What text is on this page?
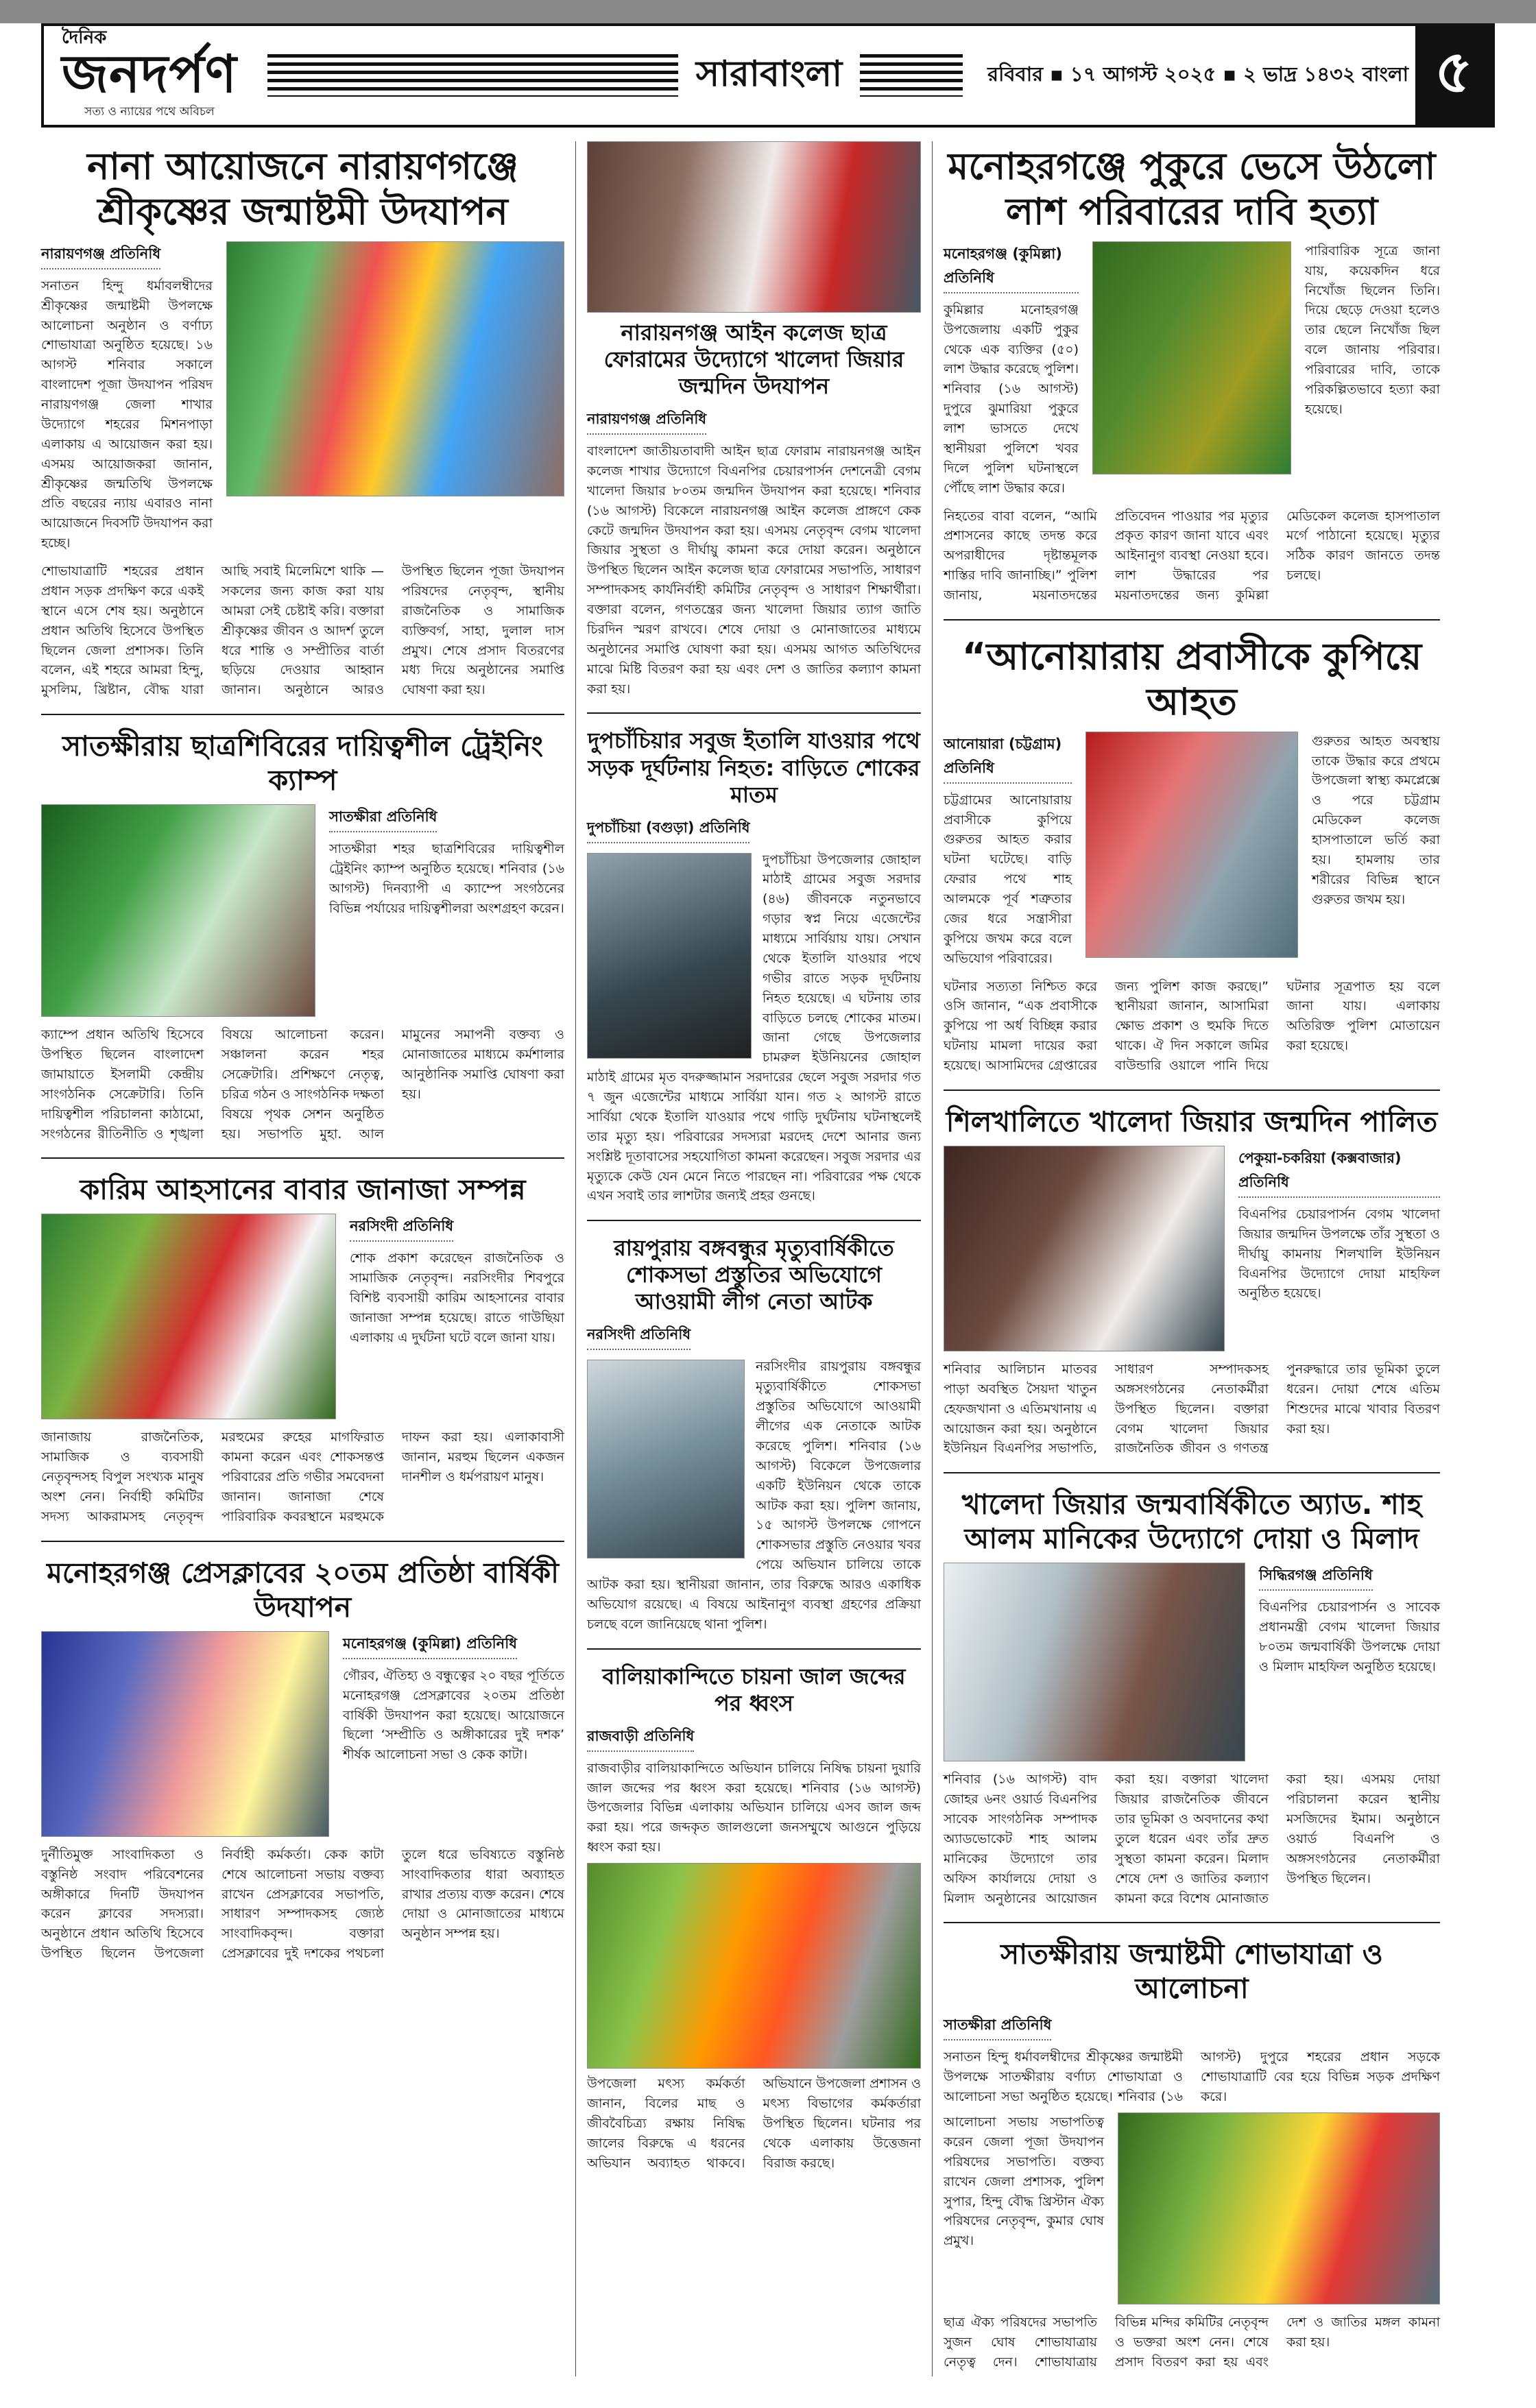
দৈনিক
জনদর্পণ
সত্য ও ন্যায়ের পথে অবিচল
সারাবাংলা	রবিবার ▪ ১৭ আগস্ট ২০২৫ ▪ ২ ভাদ্র ১৪৩২ বাংলা ৫
নানা আয়োজনে নারায়ণগঞ্জে শ্রীকৃষ্ণের জন্মাষ্টমী উদযাপন
নারায়ণগঞ্জ প্রতিনিধি
সনাতন হিন্দু ধর্মাবলম্বীদের শ্রীকৃষ্ণের জন্মাষ্টমী উপলক্ষে আলোচনা অনুষ্ঠান ও বর্ণাঢ্য শোভাযাত্রা অনুষ্ঠিত হয়েছে। ১৬ আগস্ট শনিবার সকালে বাংলাদেশ পূজা উদযাপন পরিষদ নারায়ণগঞ্জ জেলা শাখার উদ্যোগে শহরের মিশনপাড়া এলাকায় এ আয়োজন করা হয়। এসময় আয়োজকরা জানান, শ্রীকৃষ্ণের জন্মতিথি উপলক্ষে প্রতি বছরের ন্যায় এবারও নানা আয়োজনে দিবসটি উদযাপন করা হচ্ছে।
শোভাযাত্রাটি শহরের প্রধান প্রধান সড়ক প্রদক্ষিণ করে একই স্থানে এসে শেষ হয়। অনুষ্ঠানে প্রধান অতিথি হিসেবে উপস্থিত ছিলেন জেলা প্রশাসক। তিনি বলেন, এই শহরে আমরা হিন্দু, মুসলিম, খ্রিষ্টান, বৌদ্ধ যারা আছি সবাই মিলেমিশে থাকি — সকলের জন্য কাজ করা যায় আমরা সেই চেষ্টাই করি। বক্তারা শ্রীকৃষ্ণের জীবন ও আদর্শ তুলে ধরে শান্তি ও সম্প্রীতির বার্তা ছড়িয়ে দেওয়ার আহ্বান জানান। অনুষ্ঠানে আরও উপস্থিত ছিলেন পূজা উদযাপন পরিষদের নেতৃবৃন্দ, স্থানীয় রাজনৈতিক ও সামাজিক ব্যক্তিবর্গ, সাহা, দুলাল দাস প্রমুখ। শেষে প্রসাদ বিতরণের মধ্য দিয়ে অনুষ্ঠানের সমাপ্তি ঘোষণা করা হয়।
সাতক্ষীরায় ছাত্রশিবিরের দায়িত্বশীল ট্রেইনিং ক্যাম্প
সাতক্ষীরা প্রতিনিধি
সাতক্ষীরা শহর ছাত্রশিবিরের দায়িত্বশীল ট্রেইনিং ক্যাম্প অনুষ্ঠিত হয়েছে। শনিবার (১৬ আগস্ট) দিনব্যাপী এ ক্যাম্পে সংগঠনের বিভিন্ন পর্যায়ের দায়িত্বশীলরা অংশগ্রহণ করেন।
ক্যাম্পে প্রধান অতিথি হিসেবে উপস্থিত ছিলেন বাংলাদেশ জামায়াতে ইসলামী কেন্দ্রীয় সাংগঠনিক সেক্রেটারি। তিনি দায়িত্বশীল পরিচালনা কাঠামো, সংগঠনের রীতিনীতি ও শৃঙ্খলা বিষয়ে আলোচনা করেন। সঞ্চালনা করেন শহর সেক্রেটারি। প্রশিক্ষণে নেতৃত্ব, চরিত্র গঠন ও সাংগঠনিক দক্ষতা বিষয়ে পৃথক সেশন অনুষ্ঠিত হয়। সভাপতি মুহা. আল মামুনের সমাপনী বক্তব্য ও মোনাজাতের মাধ্যমে কর্মশালার আনুষ্ঠানিক সমাপ্তি ঘোষণা করা হয়।
কারিম আহসানের বাবার জানাজা সম্পন্ন
নরসিংদী প্রতিনিধি
শোক প্রকাশ করেছেন রাজনৈতিক ও সামাজিক নেতৃবৃন্দ। নরসিংদীর শিবপুরে বিশিষ্ট ব্যবসায়ী কারিম আহসানের বাবার জানাজা সম্পন্ন হয়েছে। রাতে গাউছিয়া এলাকায় এ দুর্ঘটনা ঘটে বলে জানা যায়।
জানাজায় রাজনৈতিক, সামাজিক ও ব্যবসায়ী নেতৃবৃন্দসহ বিপুল সংখ্যক মানুষ অংশ নেন। নির্বাহী কমিটির সদস্য আকরামসহ নেতৃবৃন্দ মরহুমের রুহের মাগফিরাত কামনা করেন এবং শোকসন্তপ্ত পরিবারের প্রতি গভীর সমবেদনা জানান। জানাজা শেষে পারিবারিক কবরস্থানে মরহুমকে দাফন করা হয়। এলাকাবাসী জানান, মরহুম ছিলেন একজন দানশীল ও ধর্মপরায়ণ মানুষ।
মনোহরগঞ্জ প্রেসক্লাবের ২০তম প্রতিষ্ঠা বার্ষিকী উদযাপন
মনোহরগঞ্জ (কুমিল্লা) প্রতিনিধি
গৌরব, ঐতিহ্য ও বন্ধুত্বের ২০ বছর পূর্তিতে মনোহরগঞ্জ প্রেসক্লাবের ২০তম প্রতিষ্ঠা বার্ষিকী উদযাপন করা হয়েছে। আয়োজনে ছিলো ‘সম্প্রীতি ও অঙ্গীকারের দুই দশক’ শীর্ষক আলোচনা সভা ও কেক কাটা।
দুর্নীতিমুক্ত সাংবাদিকতা ও বস্তুনিষ্ঠ সংবাদ পরিবেশনের অঙ্গীকারে দিনটি উদযাপন করেন ক্লাবের সদস্যরা। অনুষ্ঠানে প্রধান অতিথি হিসেবে উপস্থিত ছিলেন উপজেলা নির্বাহী কর্মকর্তা। কেক কাটা শেষে আলোচনা সভায় বক্তব্য রাখেন প্রেসক্লাবের সভাপতি, সাধারণ সম্পাদকসহ জ্যেষ্ঠ সাংবাদিকবৃন্দ। বক্তারা প্রেসক্লাবের দুই দশকের পথচলা তুলে ধরে ভবিষ্যতে বস্তুনিষ্ঠ সাংবাদিকতার ধারা অব্যাহত রাখার প্রত্যয় ব্যক্ত করেন। শেষে দোয়া ও মোনাজাতের মাধ্যমে অনুষ্ঠান সম্পন্ন হয়।
নারায়নগঞ্জ আইন কলেজ ছাত্র ফোরামের উদ্যোগে খালেদা জিয়ার জন্মদিন উদযাপন
নারায়ণগঞ্জ প্রতিনিধি
বাংলাদেশ জাতীয়তাবাদী আইন ছাত্র ফোরাম নারায়নগঞ্জ আইন কলেজ শাখার উদ্যোগে বিএনপির চেয়ারপার্সন দেশনেত্রী বেগম খালেদা জিয়ার ৮০তম জন্মদিন উদযাপন করা হয়েছে। শনিবার (১৬ আগস্ট) বিকেলে নারায়নগঞ্জ আইন কলেজ প্রাঙ্গণে কেক কেটে জন্মদিন উদযাপন করা হয়। এসময় নেতৃবৃন্দ বেগম খালেদা জিয়ার সুস্থতা ও দীর্ঘায়ু কামনা করে দোয়া করেন। অনুষ্ঠানে উপস্থিত ছিলেন আইন কলেজ ছাত্র ফোরামের সভাপতি, সাধারণ সম্পাদকসহ কার্যনির্বাহী কমিটির নেতৃবৃন্দ ও সাধারণ শিক্ষার্থীরা। বক্তারা বলেন, গণতন্ত্রের জন্য খালেদা জিয়ার ত্যাগ জাতি চিরদিন স্মরণ রাখবে। শেষে দোয়া ও মোনাজাতের মাধ্যমে অনুষ্ঠানের সমাপ্তি ঘোষণা করা হয়। এসময় আগত অতিথিদের মাঝে মিষ্টি বিতরণ করা হয় এবং দেশ ও জাতির কল্যাণ কামনা করা হয়।
দুপচাঁচিয়ার সবুজ ইতালি যাওয়ার পথে সড়ক দূর্ঘটনায় নিহত: বাড়িতে শোকের মাতম
দুপচাঁচিয়া (বগুড়া) প্রতিনিধি
দুপচাঁচিয়া উপজেলার জোহাল মাঠাই গ্রামের সবুজ সরদার (৪৬) জীবনকে নতুনভাবে গড়ার স্বপ্ন নিয়ে এজেন্টের মাধ্যমে সার্বিয়ায় যায়। সেখান থেকে ইতালি যাওয়ার পথে গভীর রাতে সড়ক দূর্ঘটনায় নিহত হয়েছে। এ ঘটনায় তার বাড়িতে চলছে শোকের মাতম। জানা গেছে উপজেলার চামরুল ইউনিয়নের জোহাল মাঠাই গ্রামের মৃত বদরুজ্জামান সরদারের ছেলে সবুজ সরদার গত ৭ জুন এজেন্টের মাধ্যমে সার্বিয়া যান। গত ২ আগস্ট রাতে সার্বিয়া থেকে ইতালি যাওয়ার পথে গাড়ি দুর্ঘটনায় ঘটনাস্থলেই তার মৃত্যু হয়। পরিবারের সদস্যরা মরদেহ দেশে আনার জন্য সংশ্লিষ্ট দূতাবাসের সহযোগিতা কামনা করেছেন। সবুজ সরদার এর মৃত্যুকে কেউ যেন মেনে নিতে পারছেন না। পরিবারের পক্ষ থেকে এখন সবাই তার লাশটার জন্যই প্রহর গুনছে।
রায়পুরায় বঙ্গবন্ধুর মৃত্যুবার্ষিকীতে শোকসভা প্রস্তুতির অভিযোগে আওয়ামী লীগ নেতা আটক
নরসিংদী প্রতিনিধি
নরসিংদীর রায়পুরায় বঙ্গবন্ধুর মৃত্যুবার্ষিকীতে শোকসভা প্রস্তুতির অভিযোগে আওয়ামী লীগের এক নেতাকে আটক করেছে পুলিশ। শনিবার (১৬ আগস্ট) বিকেলে উপজেলার একটি ইউনিয়ন থেকে তাকে আটক করা হয়। পুলিশ জানায়, ১৫ আগস্ট উপলক্ষে গোপনে শোকসভার প্রস্তুতি নেওয়ার খবর পেয়ে অভিযান চালিয়ে তাকে আটক করা হয়। স্থানীয়রা জানান, তার বিরুদ্ধে আরও একাধিক অভিযোগ রয়েছে। এ বিষয়ে আইনানুগ ব্যবস্থা গ্রহণের প্রক্রিয়া চলছে বলে জানিয়েছে থানা পুলিশ।
বালিয়াকান্দিতে চায়না জাল জব্দের পর ধ্বংস
রাজবাড়ী প্রতিনিধি
রাজবাড়ীর বালিয়াকান্দিতে অভিযান চালিয়ে নিষিদ্ধ চায়না দুয়ারি জাল জব্দের পর ধ্বংস করা হয়েছে। শনিবার (১৬ আগস্ট) উপজেলার বিভিন্ন এলাকায় অভিযান চালিয়ে এসব জাল জব্দ করা হয়। পরে জব্দকৃত জালগুলো জনসম্মুখে আগুনে পুড়িয়ে ধ্বংস করা হয়।
উপজেলা মৎস্য কর্মকর্তা জানান, বিলের মাছ ও জীববৈচিত্র্য রক্ষায় নিষিদ্ধ জালের বিরুদ্ধে এ ধরনের অভিযান অব্যাহত থাকবে। অভিযানে উপজেলা প্রশাসন ও মৎস্য বিভাগের কর্মকর্তারা উপস্থিত ছিলেন। ঘটনার পর থেকে এলাকায় উত্তেজনা বিরাজ করছে।
মনোহরগঞ্জে পুকুরে ভেসে উঠলো লাশ পরিবারের দাবি হত্যা
মনোহরগঞ্জ (কুমিল্লা) প্রতিনিধি
কুমিল্লার মনোহরগঞ্জ উপজেলায় একটি পুকুর থেকে এক ব্যক্তির (৫০) লাশ উদ্ধার করেছে পুলিশ। শনিবার (১৬ আগস্ট) দুপুরে ঝুমারিয়া পুকুরে লাশ ভাসতে দেখে স্থানীয়রা পুলিশে খবর দিলে পুলিশ ঘটনাস্থলে পৌঁছে লাশ উদ্ধার করে।
পারিবারিক সূত্রে জানা যায়, কয়েকদিন ধরে নিখোঁজ ছিলেন তিনি। দিয়ে ছেড়ে দেওয়া হলেও তার ছেলে নিখোঁজ ছিল বলে জানায় পরিবার। পরিবারের দাবি, তাকে পরিকল্পিতভাবে হত্যা করা হয়েছে।
নিহতের বাবা বলেন, “আমি প্রশাসনের কাছে তদন্ত করে অপরাধীদের দৃষ্টান্তমূলক শাস্তির দাবি জানাচ্ছি।” পুলিশ জানায়, ময়নাতদন্তের প্রতিবেদন পাওয়ার পর মৃত্যুর প্রকৃত কারণ জানা যাবে এবং আইনানুগ ব্যবস্থা নেওয়া হবে। লাশ উদ্ধারের পর ময়নাতদন্তের জন্য কুমিল্লা মেডিকেল কলেজ হাসপাতাল মর্গে পাঠানো হয়েছে। মৃত্যুর সঠিক কারণ জানতে তদন্ত চলছে।
“আনোয়ারায় প্রবাসীকে কুপিয়ে আহত
আনোয়ারা (চট্টগ্রাম) প্রতিনিধি
চট্টগ্রামের আনোয়ারায় প্রবাসীকে কুপিয়ে গুরুতর আহত করার ঘটনা ঘটেছে। বাড়ি ফেরার পথে শাহ আলমকে পূর্ব শত্রুতার জের ধরে সন্ত্রাসীরা কুপিয়ে জখম করে বলে অভিযোগ পরিবারের।
গুরুতর আহত অবস্থায় তাকে উদ্ধার করে প্রথমে উপজেলা স্বাস্থ্য কমপ্লেক্সে ও পরে চট্টগ্রাম মেডিকেল কলেজ হাসপাতালে ভর্তি করা হয়। হামলায় তার শরীরের বিভিন্ন স্থানে গুরুতর জখম হয়।
ঘটনার সত্যতা নিশ্চিত করে ওসি জানান, “এক প্রবাসীকে কুপিয়ে পা অর্ধ বিচ্ছিন্ন করার ঘটনায় মামলা দায়ের করা হয়েছে। আসামিদের গ্রেপ্তারের জন্য পুলিশ কাজ করছে।” স্থানীয়রা জানান, আসামিরা ক্ষোভ প্রকাশ ও হুমকি দিতে থাকে। ঐ দিন সকালে জমির বাউন্ডারি ওয়ালে পানি দিয়ে ঘটনার সূত্রপাত হয় বলে জানা যায়। এলাকায় অতিরিক্ত পুলিশ মোতায়েন করা হয়েছে।
শিলখালিতে খালেদা জিয়ার জন্মদিন পালিত
পেকুয়া-চকরিয়া (কক্সবাজার) প্রতিনিধি
বিএনপির চেয়ারপার্সন বেগম খালেদা জিয়ার জন্মদিন উপলক্ষে তাঁর সুস্থতা ও দীর্ঘায়ু কামনায় শিলখালি ইউনিয়ন বিএনপির উদ্যোগে দোয়া মাহফিল অনুষ্ঠিত হয়েছে।
শনিবার আলিচান মাতবর পাড়া অবস্থিত সৈয়দা খাতুন হেফজখানা ও এতিমখানায় এ আয়োজন করা হয়। অনুষ্ঠানে ইউনিয়ন বিএনপির সভাপতি, সাধারণ সম্পাদকসহ অঙ্গসংগঠনের নেতাকর্মীরা উপস্থিত ছিলেন। বক্তারা বেগম খালেদা জিয়ার রাজনৈতিক জীবন ও গণতন্ত্র পুনরুদ্ধারে তার ভূমিকা তুলে ধরেন। দোয়া শেষে এতিম শিশুদের মাঝে খাবার বিতরণ করা হয়।
খালেদা জিয়ার জন্মবার্ষিকীতে অ্যাড. শাহ আলম মানিকের উদ্যোগে দোয়া ও মিলাদ
সিদ্ধিরগঞ্জ প্রতিনিধি
বিএনপির চেয়ারপার্সন ও সাবেক প্রধানমন্ত্রী বেগম খালেদা জিয়ার ৮০তম জন্মবার্ষিকী উপলক্ষে দোয়া ও মিলাদ মাহফিল অনুষ্ঠিত হয়েছে।
শনিবার (১৬ আগস্ট) বাদ জোহর ৬নং ওয়ার্ড বিএনপির সাবেক সাংগঠনিক সম্পাদক অ্যাডভোকেট শাহ আলম মানিকের উদ্যোগে তার অফিস কার্যালয়ে দোয়া ও মিলাদ অনুষ্ঠানের আয়োজন করা হয়। বক্তারা খালেদা জিয়ার রাজনৈতিক জীবনে তার ভূমিকা ও অবদানের কথা তুলে ধরেন এবং তাঁর দ্রুত সুস্থতা কামনা করেন। মিলাদ শেষে দেশ ও জাতির কল্যাণ কামনা করে বিশেষ মোনাজাত করা হয়। এসময় দোয়া পরিচালনা করেন স্থানীয় মসজিদের ইমাম। অনুষ্ঠানে ওয়ার্ড বিএনপি ও অঙ্গসংগঠনের নেতাকর্মীরা উপস্থিত ছিলেন।
সাতক্ষীরায় জন্মাষ্টমী শোভাযাত্রা ও আলোচনা
সাতক্ষীরা প্রতিনিধি
সনাতন হিন্দু ধর্মাবলম্বীদের শ্রীকৃষ্ণের জন্মাষ্টমী উপলক্ষে সাতক্ষীরায় বর্ণাঢ্য শোভাযাত্রা ও আলোচনা সভা অনুষ্ঠিত হয়েছে। শনিবার (১৬ আগস্ট) দুপুরে শহরের প্রধান সড়কে শোভাযাত্রাটি বের হয়ে বিভিন্ন সড়ক প্রদক্ষিণ করে।
আলোচনা সভায় সভাপতিত্ব করেন জেলা পূজা উদযাপন পরিষদের সভাপতি। বক্তব্য রাখেন জেলা প্রশাসক, পুলিশ সুপার, হিন্দু বৌদ্ধ খ্রিস্টান ঐক্য পরিষদের নেতৃবৃন্দ, কুমার ঘোষ প্রমুখ।
ছাত্র ঐক্য পরিষদের সভাপতি সুজন ঘোষ শোভাযাত্রায় নেতৃত্ব দেন। শোভাযাত্রায় বিভিন্ন মন্দির কমিটির নেতৃবৃন্দ ও ভক্তরা অংশ নেন। শেষে প্রসাদ বিতরণ করা হয় এবং দেশ ও জাতির মঙ্গল কামনা করা হয়।
